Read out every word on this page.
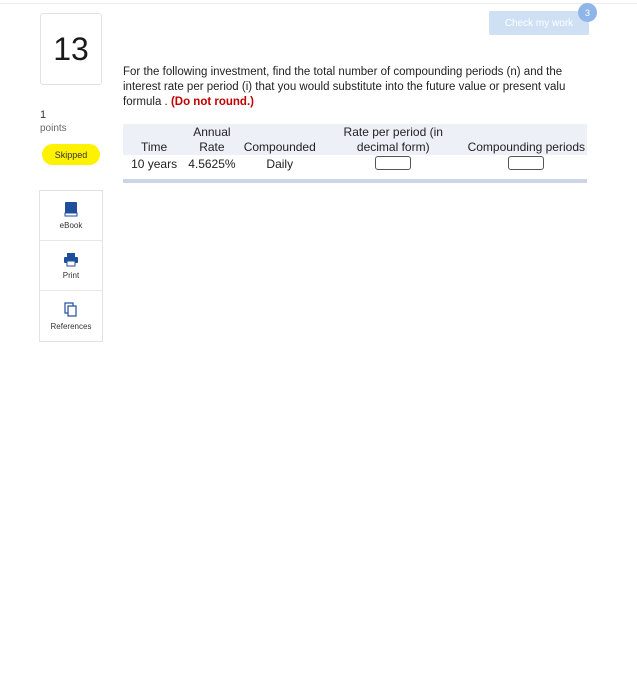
13
1
points
Skipped
eBook
Print
References
Check my work
3
For the following investment, find the total number of compounding periods (n) and the
interest rate per period (i) that you would substitute into the future value or present valu
formula . (Do not round.)
Time	Annual Rate	Compounded	Rate per period (in decimal form)	Compounding periods
10 years	4.5625%	Daily	
